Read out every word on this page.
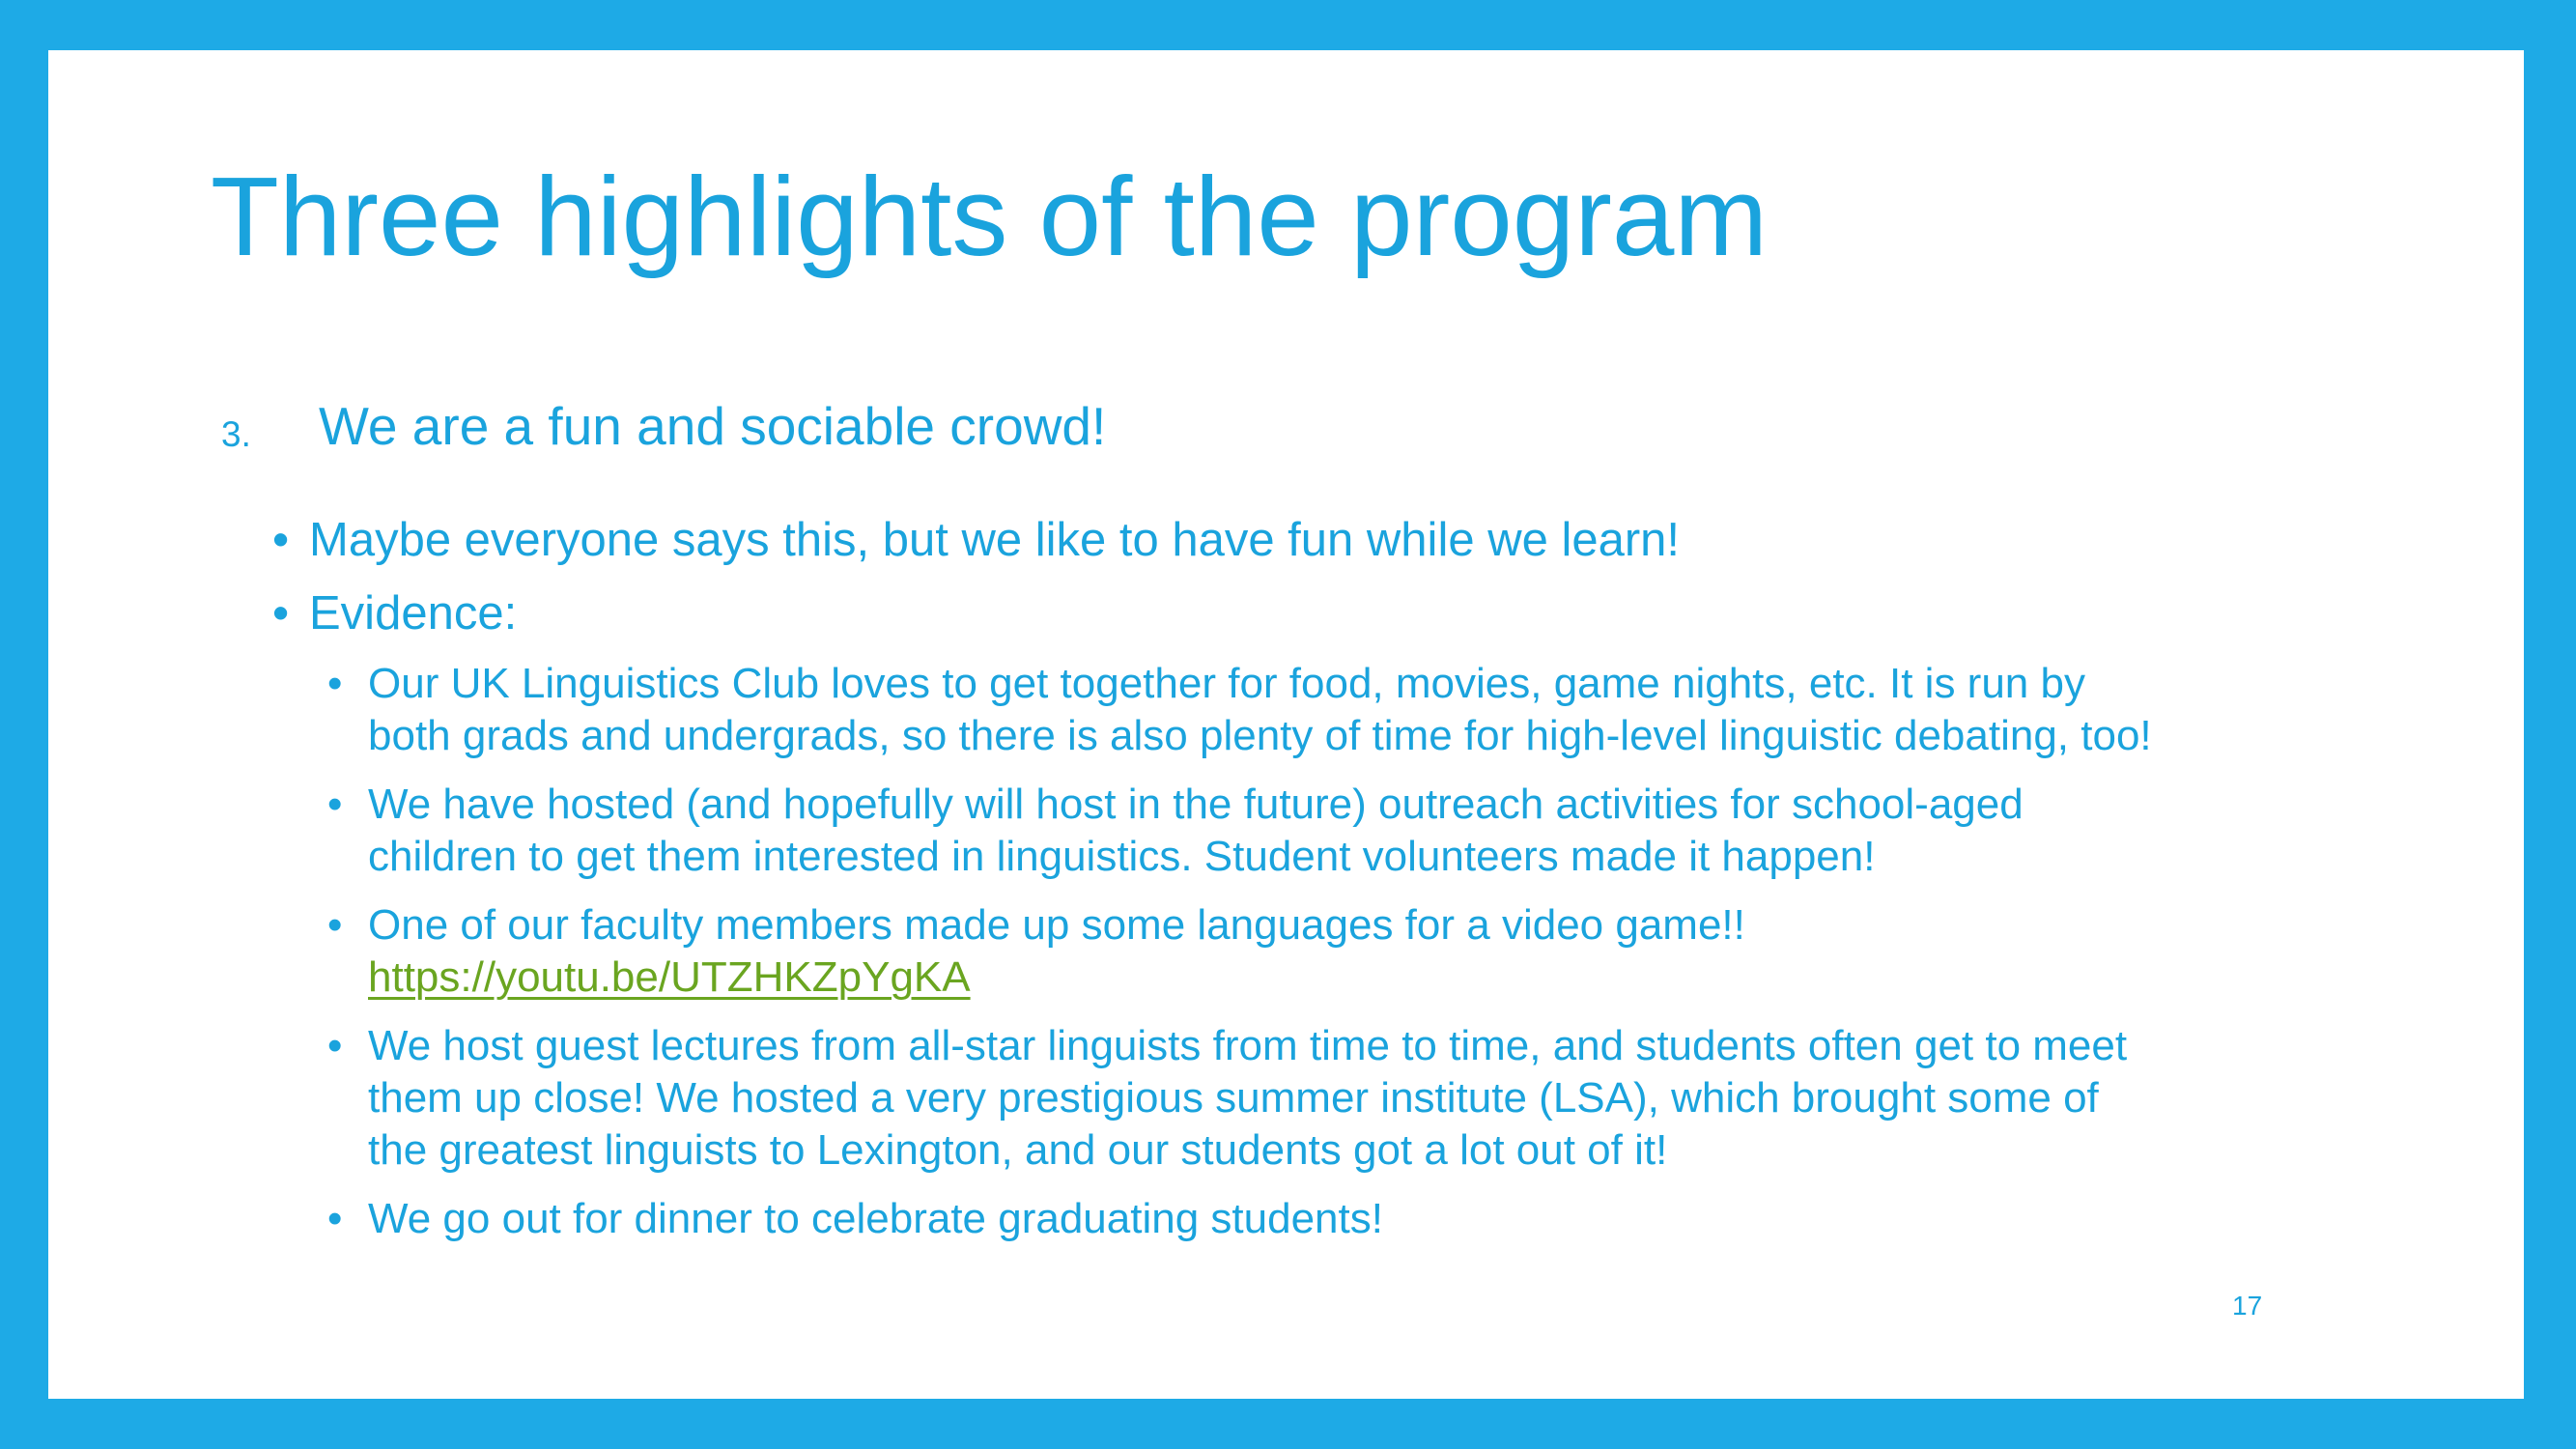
Three highlights of the program
3. We are a fun and sociable crowd!
• Maybe everyone says this, but we like to have fun while we learn!
• Evidence:
• Our UK Linguistics Club loves to get together for food, movies, game nights, etc. It is run by
both grads and undergrads, so there is also plenty of time for high-level linguistic debating, too!
• We have hosted (and hopefully will host in the future) outreach activities for school-aged
children to get them interested in linguistics. Student volunteers made it happen!
• One of our faculty members made up some languages for a video game!!
https://youtu.be/UTZHKZpYgKA
• We host guest lectures from all-star linguists from time to time, and students often get to meet
them up close! We hosted a very prestigious summer institute (LSA), which brought some of
the greatest linguists to Lexington, and our students got a lot out of it!
• We go out for dinner to celebrate graduating students!
17
